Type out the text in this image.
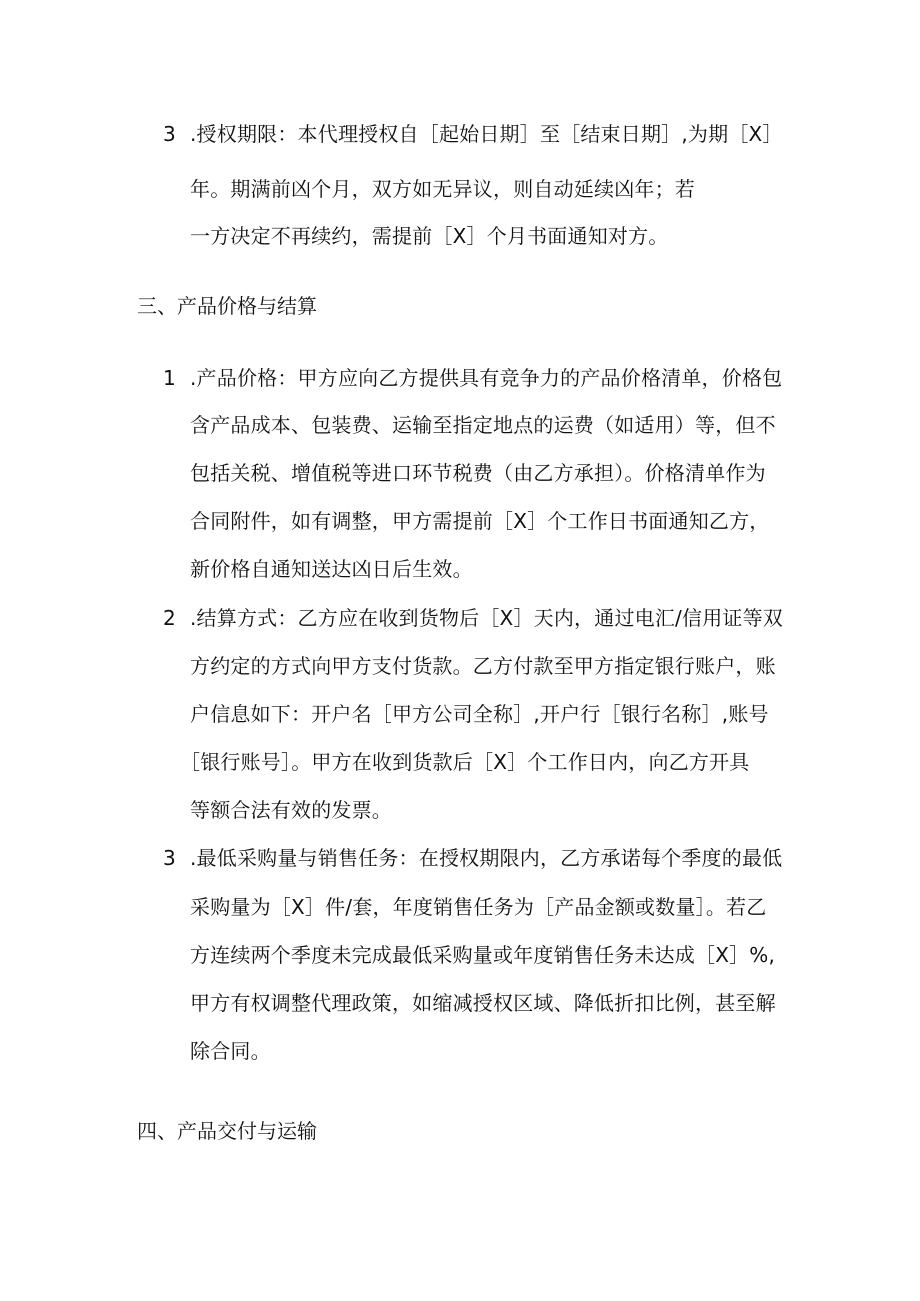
3 .授权期限：本代理授权自［起始日期］至［结束日期］,为期［X］
年。期满前凶个月，双方如无异议，则自动延续凶年；若
一方决定不再续约，需提前［X］个月书面通知对方。
三、产品价格与结算
1 .产品价格：甲方应向乙方提供具有竞争力的产品价格清单，价格包
含产品成本、包装费、运输至指定地点的运费（如适用）等，但不
包括关税、增值税等进口环节税费（由乙方承担）。价格清单作为
合同附件，如有调整，甲方需提前［X］个工作日书面通知乙方，
新价格自通知送达凶日后生效。
2 .结算方式：乙方应在收到货物后［X］天内，通过电汇/信用证等双
方约定的方式向甲方支付货款。乙方付款至甲方指定银行账户，账
户信息如下：开户名［甲方公司全称］,开户行［银行名称］,账号
［银行账号］。甲方在收到货款后［X］个工作日内，向乙方开具
等额合法有效的发票。
3 .最低采购量与销售任务：在授权期限内，乙方承诺每个季度的最低
采购量为［X］件/套，年度销售任务为［产品金额或数量］。若乙
方连续两个季度未完成最低采购量或年度销售任务未达成［X］%,
甲方有权调整代理政策，如缩减授权区域、降低折扣比例，甚至解
除合同。
四、产品交付与运输
